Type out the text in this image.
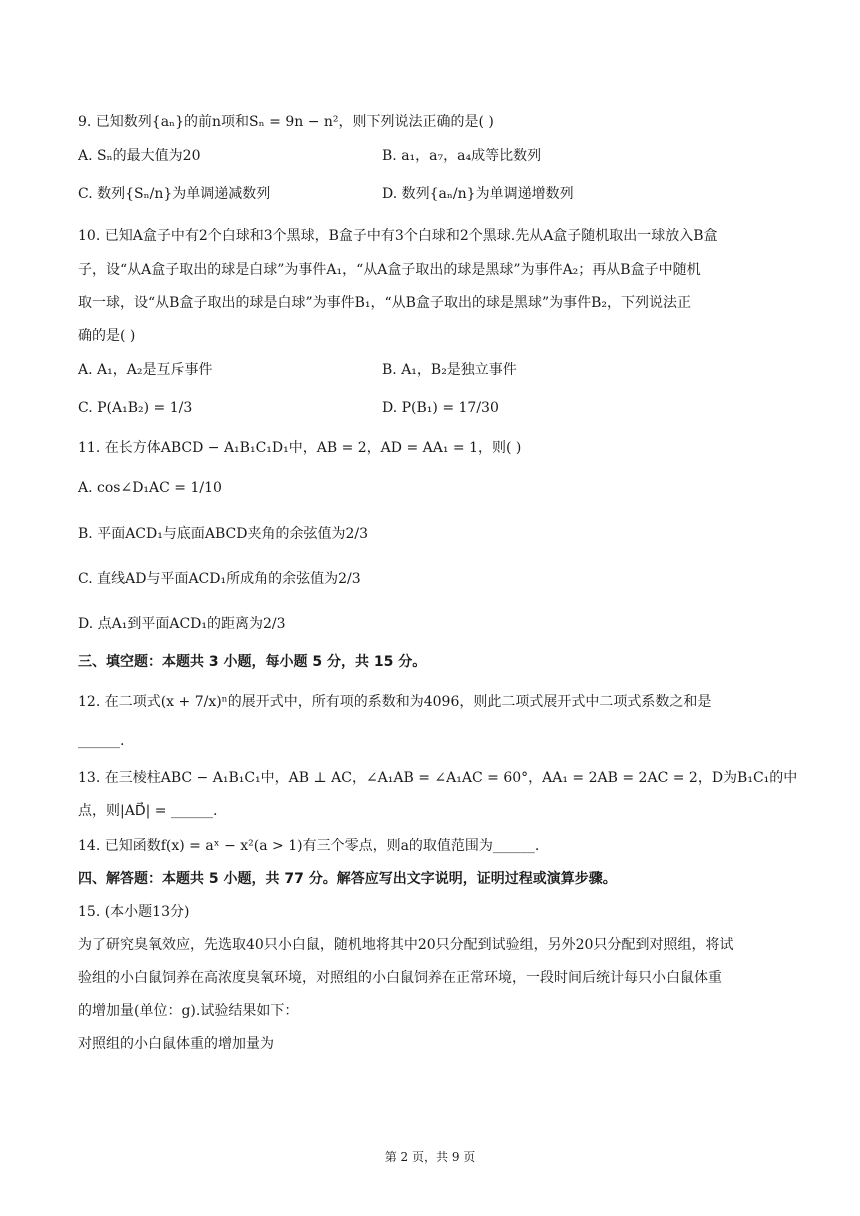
9. 已知数列{aₙ}的前n项和Sₙ = 9n − n²，则下列说法正确的是( )
A. Sₙ的最大值为20	B. a₁，a₇，a₄成等比数列
C. 数列{Sₙ/n}为单调递减数列	D. 数列{aₙ/n}为单调递增数列
10. 已知A盒子中有2个白球和3个黑球，B盒子中有3个白球和2个黑球.先从A盒子随机取出一球放入B盒
子，设“从A盒子取出的球是白球”为事件A₁，“从A盒子取出的球是黑球”为事件A₂；再从B盒子中随机
取一球，设“从B盒子取出的球是白球”为事件B₁，“从B盒子取出的球是黑球”为事件B₂，下列说法正
确的是( )
A. A₁，A₂是互斥事件	B. A₁，B₂是独立事件
C. P(A₁B₂) = 1/3	D. P(B₁) = 17/30
11. 在长方体ABCD − A₁B₁C₁D₁中，AB = 2，AD = AA₁ = 1，则( )
A. cos∠D₁AC = 1/10
B. 平面ACD₁与底面ABCD夹角的余弦值为2/3
C. 直线AD与平面ACD₁所成角的余弦值为2/3
D. 点A₁到平面ACD₁的距离为2/3
三、填空题：本题共 3 小题，每小题 5 分，共 15 分。
12. 在二项式(x + 7/x)ⁿ的展开式中，所有项的系数和为4096，则此二项式展开式中二项式系数之和是
______.
13. 在三棱柱ABC − A₁B₁C₁中，AB ⊥ AC，∠A₁AB = ∠A₁AC = 60°，AA₁ = 2AB = 2AC = 2，D为B₁C₁的中
点，则|AD⃗| = ______.
14. 已知函数f(x) = aˣ − x²(a > 1)有三个零点，则a的取值范围为______.
四、解答题：本题共 5 小题，共 77 分。解答应写出文字说明，证明过程或演算步骤。
15. (本小题13分)
为了研究臭氧效应，先选取40只小白鼠，随机地将其中20只分配到试验组，另外20只分配到对照组，将试
验组的小白鼠饲养在高浓度臭氧环境，对照组的小白鼠饲养在正常环境，一段时间后统计每只小白鼠体重
的增加量(单位：g).试验结果如下：
对照组的小白鼠体重的增加量为
第 2 页，共 9 页
